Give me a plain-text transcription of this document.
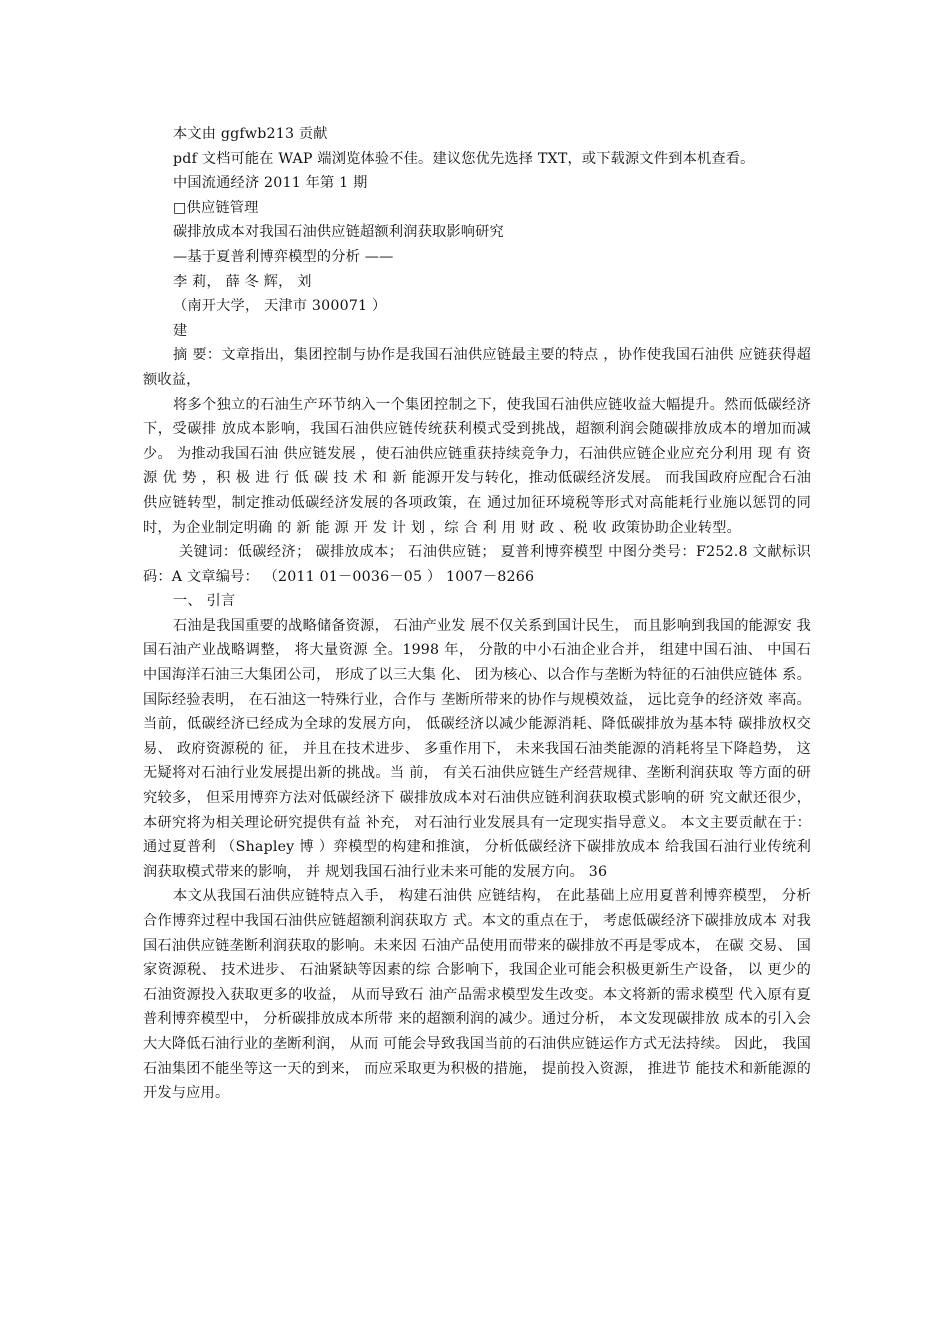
本文由 ggfwb213 贡献
pdf 文档可能在 WAP 端浏览体验不佳。建议您优先选择 TXT，或下载源文件到本机查看。
中国流通经济 2011 年第 1 期
□供应链管理
碳排放成本对我国石油供应链超额利润获取影响研究
—基于夏普利博弈模型的分析 ——
李 莉， 薛 冬 辉， 刘
（南开大学， 天津市 300071 ）
建

摘 要：文章指出，集团控制与协作是我国石油供应链最主要的特点 ，协作使我国石油供 应链获得超额收益，

将多个独立的石油生产环节纳入一个集团控制之下，使我国石油供应链收益大幅提升。然而低碳经济下，受碳排 放成本影响，我国石油供应链传统获利模式受到挑战，超额利润会随碳排放成本的增加而减少。 为推动我国石油 供应链发展 ，使石油供应链重获持续竞争力，石油供应链企业应充分利用 现 有 资 源 优 势 ，积 极 进 行 低 碳 技 术 和 新 能源开发与转化，推动低碳经济发展。 而我国政府应配合石油供应链转型，制定推动低碳经济发展的各项政策，在 通过加征环境税等形式对高能耗行业施以惩罚的同时，为企业制定明确 的 新 能 源 开 发 计 划 ，综 合 利 用 财 政 、税 收 政策协助企业转型。

关键词：低碳经济； 碳排放成本； 石油供应链； 夏普利博弈模型 中图分类号：F252.8 文献标识码：A 文章编号： （2011 01－0036－05 ） 1007－8266

一、 引言

石油是我国重要的战略储备资源， 石油产业发 展不仅关系到国计民生， 而且影响到我国的能源安 我国石油产业战略调整， 将大量资源 全。1998 年， 分散的中小石油企业合并， 组建中国石油、 中国石 中国海洋石油三大集团公司， 形成了以三大集 化、 团为核心、以合作与垄断为特征的石油供应链体 系。国际经验表明， 在石油这一特殊行业，合作与 垄断所带来的协作与规模效益， 远比竞争的经济效 率高。当前，低碳经济已经成为全球的发展方向， 低碳经济以减少能源消耗、降低碳排放为基本特 碳排放权交易、 政府资源税的 征， 并且在技术进步、 多重作用下， 未来我国石油类能源的消耗将呈下降趋势， 这无疑将对石油行业发展提出新的挑战。当 前， 有关石油供应链生产经营规律、垄断利润获取 等方面的研究较多， 但采用博弈方法对低碳经济下 碳排放成本对石油供应链利润获取模式影响的研 究文献还很少， 本研究将为相关理论研究提供有益 补充， 对石油行业发展具有一定现实指导意义。 本文主要贡献在于： 通过夏普利 （Shapley 博 ）弈模型的构建和推演， 分析低碳经济下碳排放成本 给我国石油行业传统利润获取模式带来的影响， 并 规划我国石油行业未来可能的发展方向。 36

本文从我国石油供应链特点入手， 构建石油供 应链结构， 在此基础上应用夏普利博弈模型， 分析 合作博弈过程中我国石油供应链超额利润获取方 式。本文的重点在于， 考虑低碳经济下碳排放成本 对我国石油供应链垄断利润获取的影响。未来因 石油产品使用而带来的碳排放不再是零成本， 在碳 交易、 国家资源税、 技术进步、 石油紧缺等因素的综 合影响下，我国企业可能会积极更新生产设备， 以 更少的石油资源投入获取更多的收益， 从而导致石 油产品需求模型发生改变。本文将新的需求模型 代入原有夏普利博弈模型中， 分析碳排放成本所带 来的超额利润的减少。通过分析， 本文发现碳排放 成本的引入会大大降低石油行业的垄断利润， 从而 可能会导致我国当前的石油供应链运作方式无法持续。 因此， 我国石油集团不能坐等这一天的到来， 而应采取更为积极的措施， 提前投入资源， 推进节 能技术和新能源的开发与应用。
